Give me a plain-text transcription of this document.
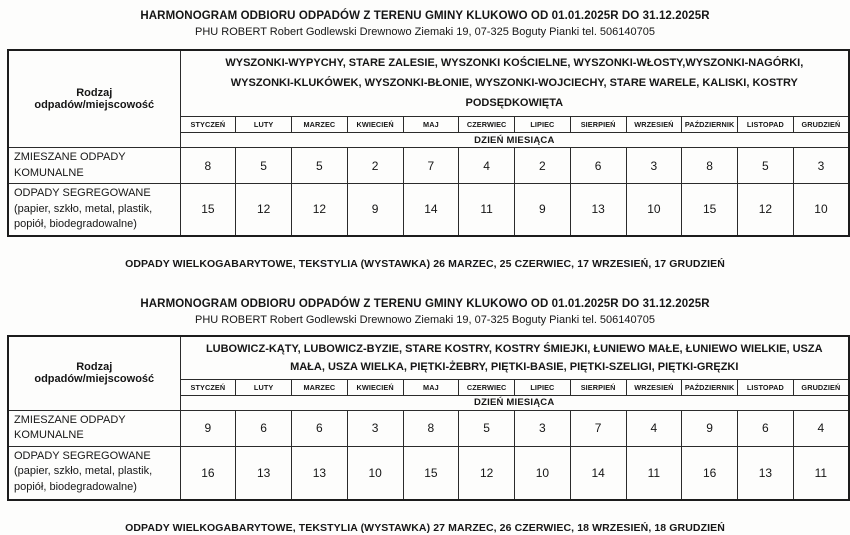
HARMONOGRAM ODBIORU ODPADÓW Z TERENU GMINY KLUKOWO OD 01.01.2025R DO 31.12.2025R
PHU ROBERT Robert Godlewski Drewnowo Ziemaki 19, 07-325 Boguty Pianki tel. 506140705
Rodzaj odpadów/miejscowość	WYSZONKI-WYPYCHY, STARE ZALESIE, WYSZONKI KOŚCIELNE, WYSZONKI-WŁOSTY,WYSZONKI-NAGÓRKI, WYSZONKI-KLUKÓWEK, WYSZONKI-BŁONIE, WYSZONKI-WOJCIECHY, STARE WARELE, KALISKI, KOSTRY PODSĘDKOWIĘTA											
	STYCZEŃ	LUTY	MARZEC	KWIECIEŃ	MAJ	CZERWIEC	LIPIEC	SIERPIEŃ	WRZESIEŃ	PAŹDZIERNIK	LISTOPAD	GRUDZIEŃ
	DZIEŃ MIESIĄCA											
ZMIESZANE ODPADY KOMUNALNE	8	5	5	2	7	4	2	6	3	8	5	3
ODPADY SEGREGOWANE (papier, szkło, metal, plastik, popiół, biodegradowalne)	15	12	12	9	14	11	9	13	10	15	12	10
ODPADY WIELKOGABARYTOWE, TEKSTYLIA (WYSTAWKA) 26 MARZEC, 25 CZERWIEC, 17 WRZESIEŃ, 17 GRUDZIEŃ
HARMONOGRAM ODBIORU ODPADÓW Z TERENU GMINY KLUKOWO OD 01.01.2025R DO 31.12.2025R
PHU ROBERT Robert Godlewski Drewnowo Ziemaki 19, 07-325 Boguty Pianki tel. 506140705
Rodzaj odpadów/miejscowość	LUBOWICZ-KĄTY, LUBOWICZ-BYZIE, STARE KOSTRY, KOSTRY ŚMIEJKI, ŁUNIEWO MAŁE, ŁUNIEWO WIELKIE, USZA MAŁA, USZA WIELKA, PIĘTKI-ŻEBRY, PIĘTKI-BASIE, PIĘTKI-SZELIGI, PIĘTKI-GRĘZKI											
	STYCZEŃ	LUTY	MARZEC	KWIECIEŃ	MAJ	CZERWIEC	LIPIEC	SIERPIEŃ	WRZESIEŃ	PAŹDZIERNIK	LISTOPAD	GRUDZIEŃ
	DZIEŃ MIESIĄCA											
ZMIESZANE ODPADY KOMUNALNE	9	6	6	3	8	5	3	7	4	9	6	4
ODPADY SEGREGOWANE (papier, szkło, metal, plastik, popiół, biodegradowalne)	16	13	13	10	15	12	10	14	11	16	13	11
ODPADY WIELKOGABARYTOWE, TEKSTYLIA (WYSTAWKA) 27 MARZEC, 26 CZERWIEC, 18 WRZESIEŃ, 18 GRUDZIEŃ
